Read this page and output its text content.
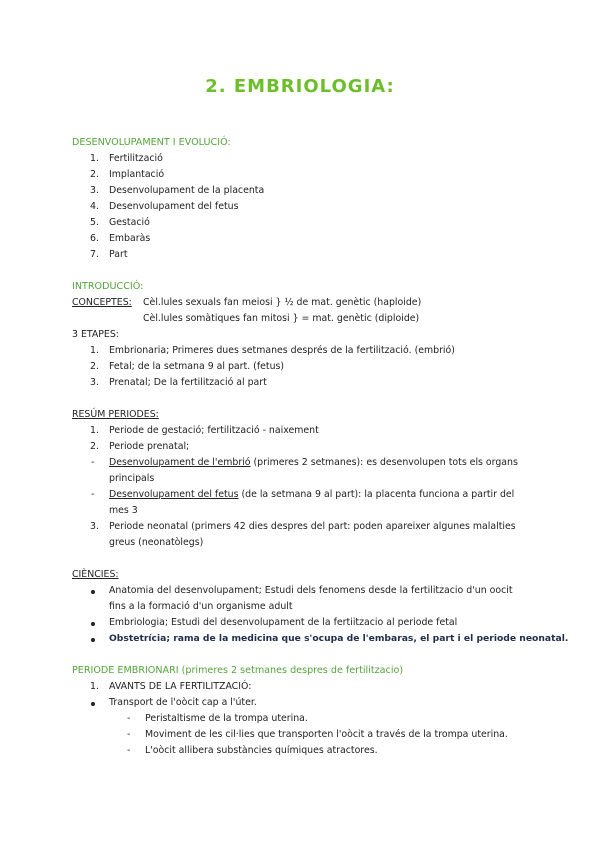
2. EMBRIOLOGIA:
DESENVOLUPAMENT I EVOLUCIÓ:
1. Fertilització
2. Implantació
3. Desenvolupament de la placenta
4. Desenvolupament del fetus
5. Gestació
6. Embaràs
7. Part
INTRODUCCIÓ:
CONCEPTES: Cèl.lules sexuals fan meiosi } ½ de mat. genètic (haploide)
Cèl.lules somàtiques fan mitosi } = mat. genètic (diploide)
3 ETAPES:
1. Embrionaria; Primeres dues setmanes després de la fertilització. (embrió)
2. Fetal; de la setmana 9 al part. (fetus)
3. Prenatal; De la fertilització al part
RESÚM PERIODES:
1. Periode de gestació; fertilització - naixement
2. Periode prenatal;
- Desenvolupament de l'embrió (primeres 2 setmanes): es desenvolupen tots els organs
principals
- Desenvolupament del fetus (de la setmana 9 al part): la placenta funciona a partir del
mes 3
3. Periode neonatal (primers 42 dies despres del part: poden apareixer algunes malalties
greus (neonatòlegs)
CIÈNCIES:
Anatomia del desenvolupament; Estudi dels fenomens desde la fertilitzacio d'un oocit
fins a la formació d'un organisme adult
Embriologia; Estudi del desenvolupament de la fertiitzacio al periode fetal
Obstetrícia; rama de la medicina que s'ocupa de l'embaras, el part i el periode neonatal.
PERIODE EMBRIONARI (primeres 2 setmanes despres de fertilitzacio)
1. AVANTS DE LA FERTILITZACIÓ:
Transport de l'oòcit cap a l'úter.
- Peristaltisme de la trompa uterina.
- Moviment de les cil·lies que transporten l'oòcit a través de la trompa uterina.
- L'oòcit allibera substàncies químiques atractores.
